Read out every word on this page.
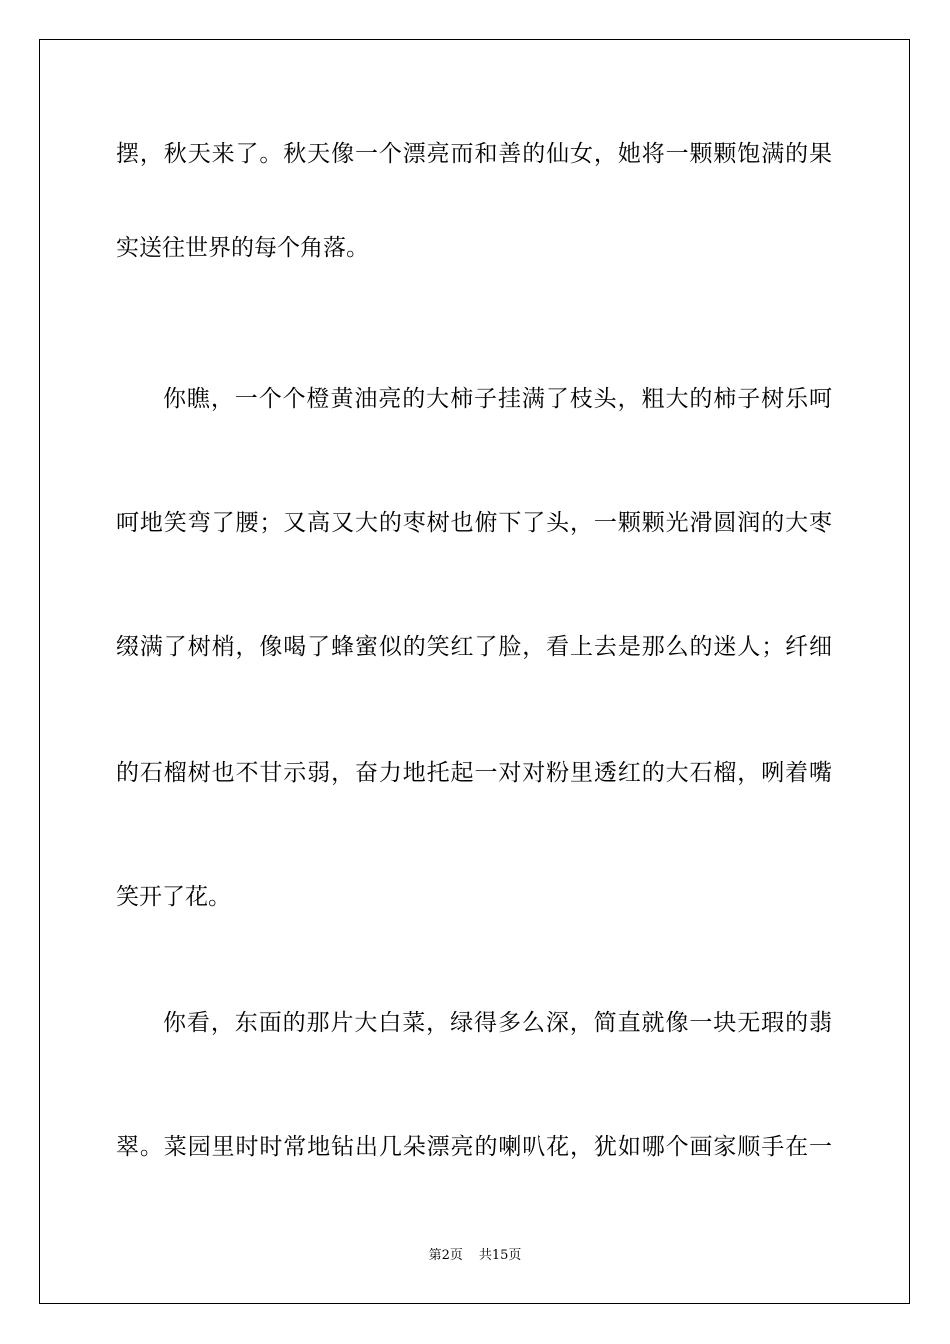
摆，秋天来了。秋天像一个漂亮而和善的仙女，她将一颗颗饱满的果
实送往世界的每个角落。
你瞧，一个个橙黄油亮的大柿子挂满了枝头，粗大的柿子树乐呵
呵地笑弯了腰；又高又大的枣树也俯下了头，一颗颗光滑圆润的大枣
缀满了树梢，像喝了蜂蜜似的笑红了脸，看上去是那么的迷人；纤细
的石榴树也不甘示弱，奋力地托起一对对粉里透红的大石榴，咧着嘴
笑开了花。
你看，东面的那片大白菜，绿得多么深，简直就像一块无瑕的翡
翠。菜园里时时常地钻出几朵漂亮的喇叭花，犹如哪个画家顺手在一
第2页 共15页
